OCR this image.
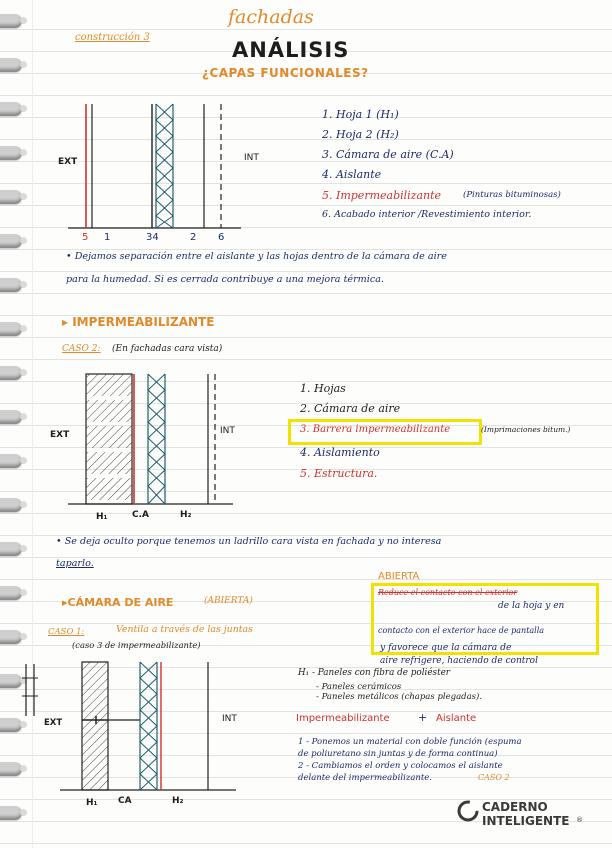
construcción 3
fachadas
ANÁLISIS
¿CAPAS FUNCIONALES?
EXT	INT
5 1	34	2 6
1. Hoja 1 (H₁)
2. Hoja 2 (H₂)
3. Cámara de aire (C.A)
4. Aislante
5. Impermeabilizante	(Pinturas bituminosas)
6. Acabado interior /Revestimiento interior.
• Dejamos separación entre el aislante y las hojas dentro de la cámara de aire
para la humedad. Si es cerrada contribuye a una mejora térmica.
▸ IMPERMEABILIZANTE
CASO 2: (En fachadas cara vista)
EXT	INT
H₁	C.A	H₂
1. Hojas
2. Cámara de aire
3. Barrera impermeabilizante	(Imprimaciones bitum.)
4. Aislamiento
5. Estructura.
• Se deja oculto porque tenemos un ladrillo cara vista en fachada y no interesa
taparlo.
▸CÁMARA DE AIRE	(ABIERTA)
CASO 1:	Ventila a través de las juntas
(caso 3 de impermeabilizante)
EXT	INT
H₁ CA	H₂
ABIERTA
Reduce el contacto con el exterior
de la hoja y en
contacto con el exterior hace de pantalla
y favorece que la cámara de
aire refrigere, haciendo de control
H₁ - Paneles con fibra de poliéster
- Paneles cerámicos
- Paneles metálicos (chapas plegadas).
Impermeabilizante	+ Aislante
1 - Ponemos un material con doble función (espuma
de poliuretano sin juntas y de forma continua)
2 - Cambiamos el orden y colocamos el aislante
delante del impermeabilizante.	CASO 2
CADERNO
INTELIGENTE ®
